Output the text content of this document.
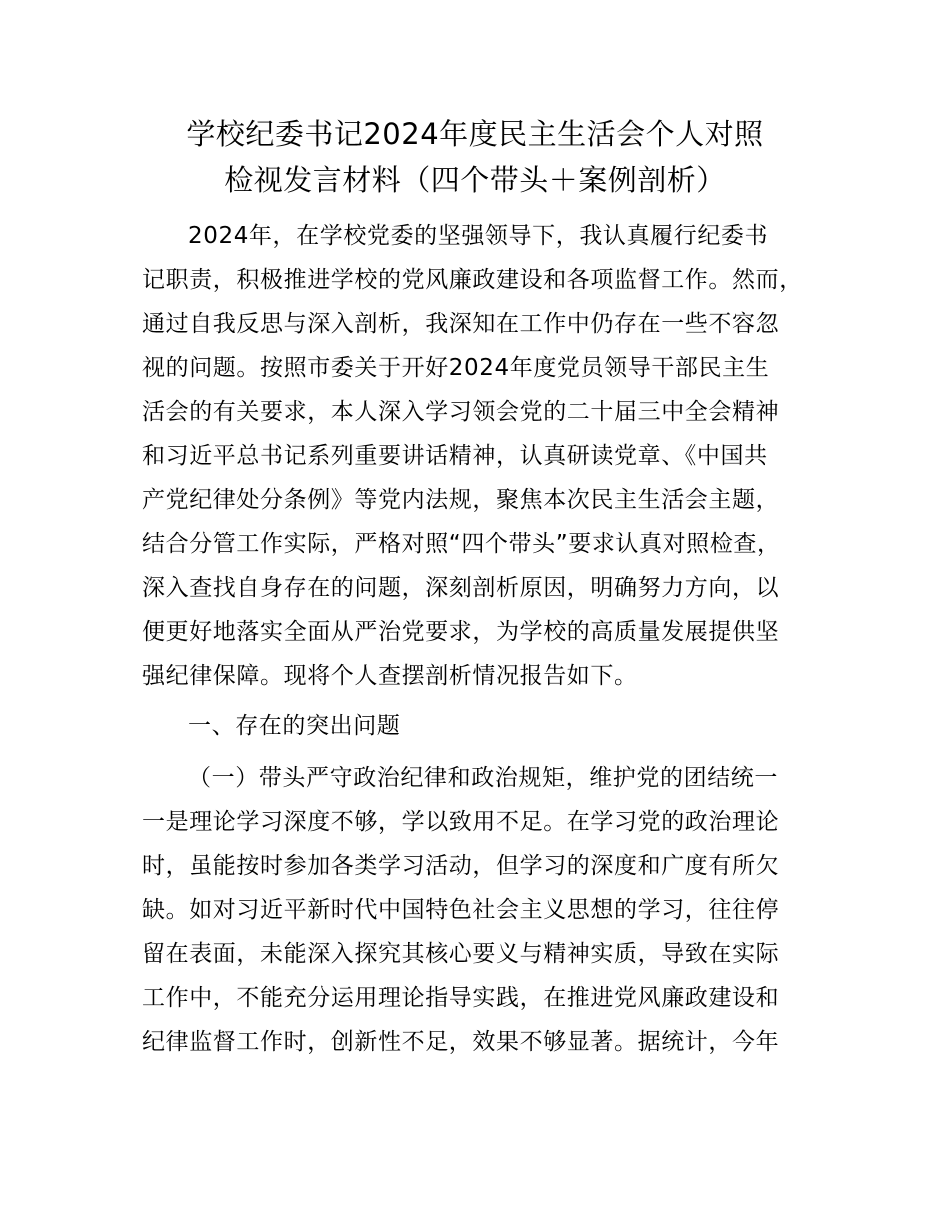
学校纪委书记2024年度民主生活会个人对照
检视发言材料（四个带头＋案例剖析）
2024年，在学校党委的坚强领导下，我认真履行纪委书
记职责，积极推进学校的党风廉政建设和各项监督工作。然而，
通过自我反思与深入剖析，我深知在工作中仍存在一些不容忽
视的问题。按照市委关于开好2024年度党员领导干部民主生
活会的有关要求，本人深入学习领会党的二十届三中全会精神
和习近平总书记系列重要讲话精神，认真研读党章、《中国共
产党纪律处分条例》等党内法规，聚焦本次民主生活会主题，
结合分管工作实际，严格对照“四个带头”要求认真对照检查，
深入查找自身存在的问题，深刻剖析原因，明确努力方向，以
便更好地落实全面从严治党要求，为学校的高质量发展提供坚
强纪律保障。现将个人查摆剖析情况报告如下。
一、存在的突出问题
（一）带头严守政治纪律和政治规矩，维护党的团结统一
一是理论学习深度不够，学以致用不足。在学习党的政治理论
时，虽能按时参加各类学习活动，但学习的深度和广度有所欠
缺。如对习近平新时代中国特色社会主义思想的学习，往往停
留在表面，未能深入探究其核心要义与精神实质，导致在实际
工作中，不能充分运用理论指导实践，在推进党风廉政建设和
纪律监督工作时，创新性不足，效果不够显著。据统计，今年
